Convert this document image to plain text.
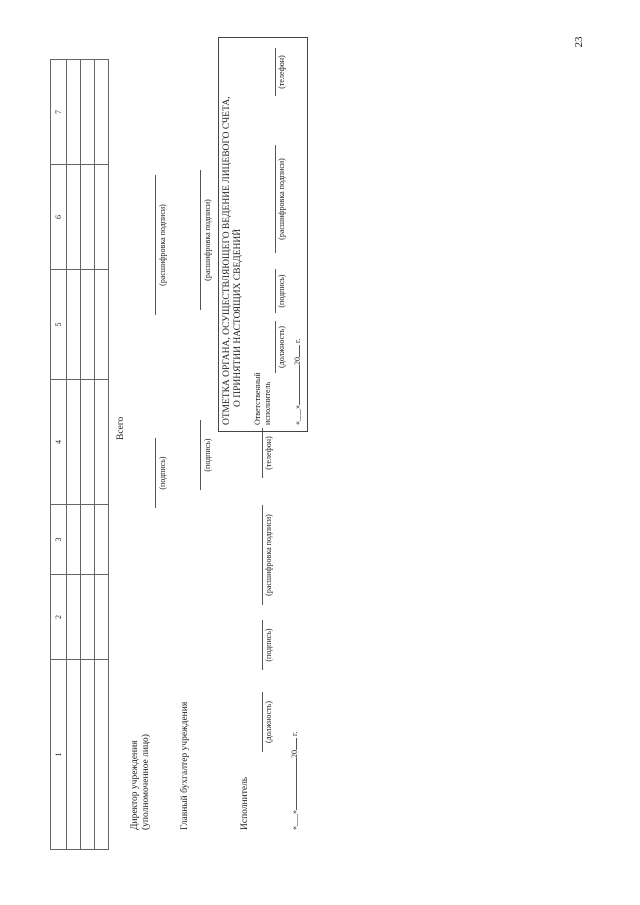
23
1	2	3	4	5	6	7

Всего
Директор учреждения (уполномоченное лицо)
(подпись)
(расшифровка подписи)
Главный бухгалтер учреждения
(подпись)
(расшифровка подписи)
Исполнитель
(должность)
(подпись)
(расшифровка подписи)
(телефон)
«___»20 г.
ОТМЕТКА ОРГАНА, ОСУЩЕСТВЛЯЮЩЕГО ВЕДЕНИЕ ЛИЦЕВОГО СЧЕТА, О ПРИНЯТИИ НАСТОЯЩИХ СВЕДЕНИЙ Ответственный исполнитель
(должность)
(подпись)
(расшифровка подписи)
(телефон)
«___»20 г.
